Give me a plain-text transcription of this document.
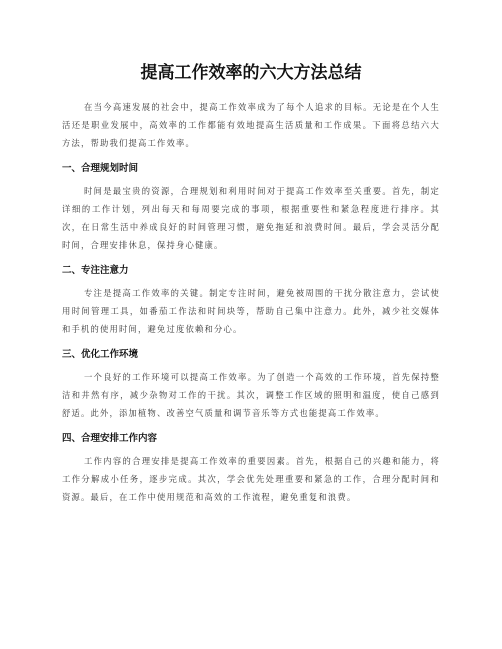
提高工作效率的六大方法总结

在当今高速发展的社会中，提高工作效率成为了每个人追求的目标。无论是在个人生活还是职业发展中，高效率的工作都能有效地提高生活质量和工作成果。下面将总结六大方法，帮助我们提高工作效率。

一、合理规划时间

时间是最宝贵的资源，合理规划和利用时间对于提高工作效率至关重要。首先，制定详细的工作计划，列出每天和每周要完成的事项，根据重要性和紧急程度进行排序。其次，在日常生活中养成良好的时间管理习惯，避免拖延和浪费时间。最后，学会灵活分配时间，合理安排休息，保持身心健康。

二、专注注意力

专注是提高工作效率的关键。制定专注时间，避免被周围的干扰分散注意力，尝试使用时间管理工具，如番茄工作法和时间块等，帮助自己集中注意力。此外，减少社交媒体和手机的使用时间，避免过度依赖和分心。

三、优化工作环境

一个良好的工作环境可以提高工作效率。为了创造一个高效的工作环境，首先保持整洁和井然有序，减少杂物对工作的干扰。其次，调整工作区域的照明和温度，使自己感到舒适。此外，添加植物、改善空气质量和调节音乐等方式也能提高工作效率。

四、合理安排工作内容

工作内容的合理安排是提高工作效率的重要因素。首先，根据自己的兴趣和能力，将工作分解成小任务，逐步完成。其次，学会优先处理重要和紧急的工作，合理分配时间和资源。最后，在工作中使用规范和高效的工作流程，避免重复和浪费。
